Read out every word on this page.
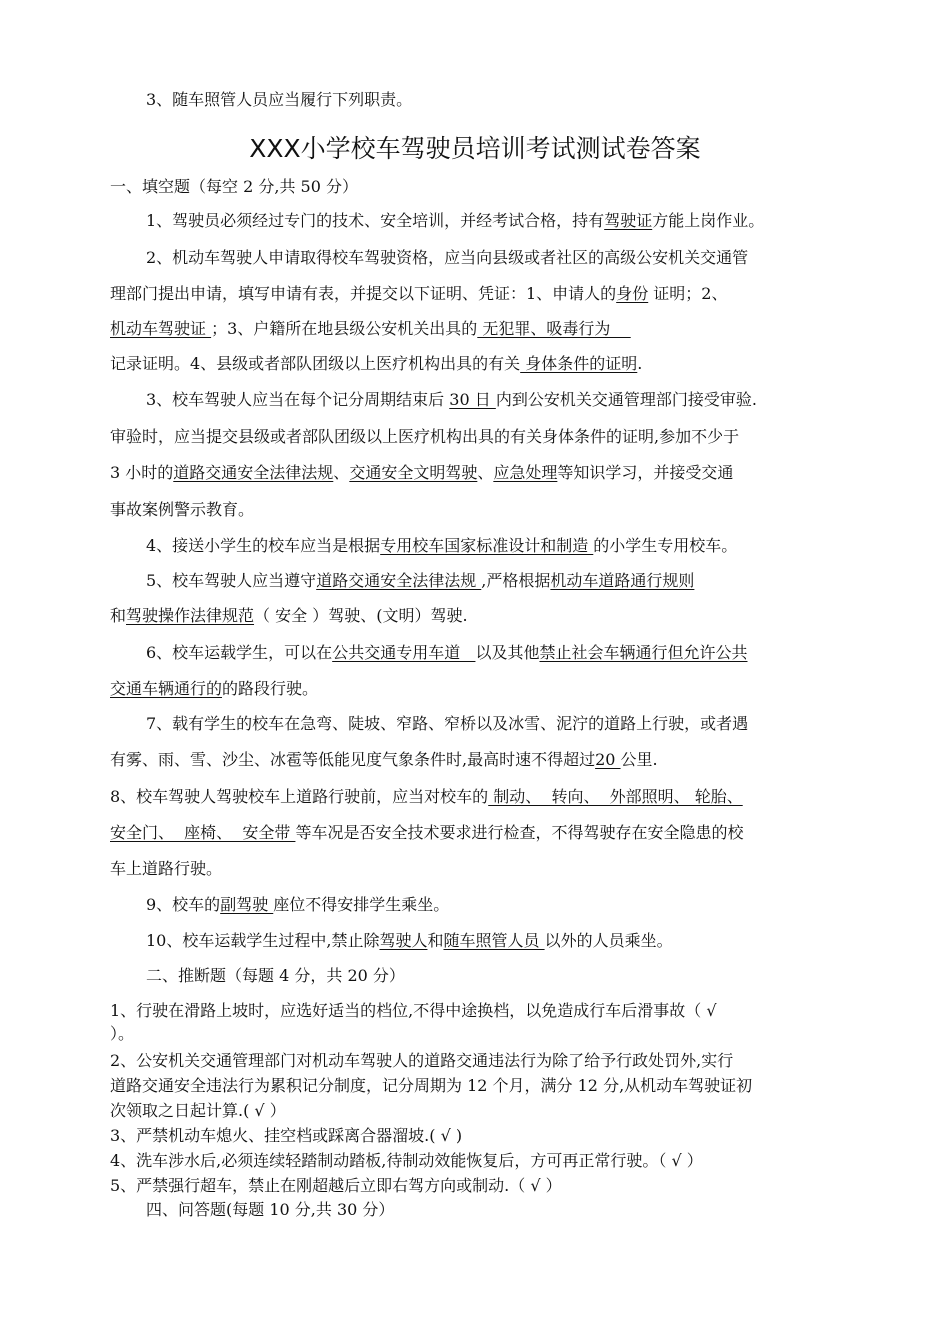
3、随车照管人员应当履行下列职责。
XXX小学校车驾驶员培训考试测试卷答案
一、填空题（每空 2 分,共 50 分）
1、驾驶员必须经过专门的技术、安全培训，并经考试合格，持有驾驶证方能上岗作业。
2、机动车驾驶人申请取得校车驾驶资格，应当向县级或者社区的高级公安机关交通管
理部门提出申请，填写申请有表，并提交以下证明、凭证：1、申请人的身份 证明；2、
机动车驾驶证 ；3、户籍所在地县级公安机关出具的 无犯罪、吸毒行为
记录证明。4、县级或者部队团级以上医疗机构出具的有关 身体条件的证明.
3、校车驾驶人应当在每个记分周期结束后 30 日 内到公安机关交通管理部门接受审验.
审验时，应当提交县级或者部队团级以上医疗机构出具的有关身体条件的证明,参加不少于
3 小时的道路交通安全法律法规、交通安全文明驾驶、应急处理等知识学习，并接受交通
事故案例警示教育。
4、接送小学生的校车应当是根据专用校车国家标准设计和制造 的小学生专用校车。
5、校车驾驶人应当遵守道路交通安全法律法规 ,严格根据机动车道路通行规则
和驾驶操作法律规范（ 安全 ）驾驶、(文明）驾驶.
6、校车运载学生，可以在公共交通专用车道   以及其他禁止社会车辆通行但允许公共
交通车辆通行的的路段行驶。
7、载有学生的校车在急弯、陡坡、窄路、窄桥以及冰雪、泥泞的道路上行驶，或者遇
有雾、雨、雪、沙尘、冰雹等低能见度气象条件时,最高时速不得超过20 公里.
8、校车驾驶人驾驶校车上道路行驶前，应当对校车的 制动、  转向、  外部照明、 轮胎、
安全门、  座椅、  安全带 等车况是否安全技术要求进行检查，不得驾驶存在安全隐患的校
车上道路行驶。
9、校车的副驾驶 座位不得安排学生乘坐。
10、校车运载学生过程中,禁止除驾驶人和随车照管人员 以外的人员乘坐。
二、推断题（每题 4 分，共 20 分）
1、行驶在滑路上坡时，应选好适当的档位,不得中途换档，以免造成行车后滑事故（ √
）。
2、公安机关交通管理部门对机动车驾驶人的道路交通违法行为除了给予行政处罚外,实行
道路交通安全违法行为累积记分制度，记分周期为 12 个月，满分 12 分,从机动车驾驶证初
次领取之日起计算.( √ ）
3、严禁机动车熄火、挂空档或踩离合器溜坡.( √ )
4、洗车涉水后,必须连续轻踏制动踏板,待制动效能恢复后，方可再正常行驶。（ √ ）
5、严禁强行超车，禁止在刚超越后立即右驾方向或制动.（ √ ）
四、问答题(每题 10 分,共 30 分）
